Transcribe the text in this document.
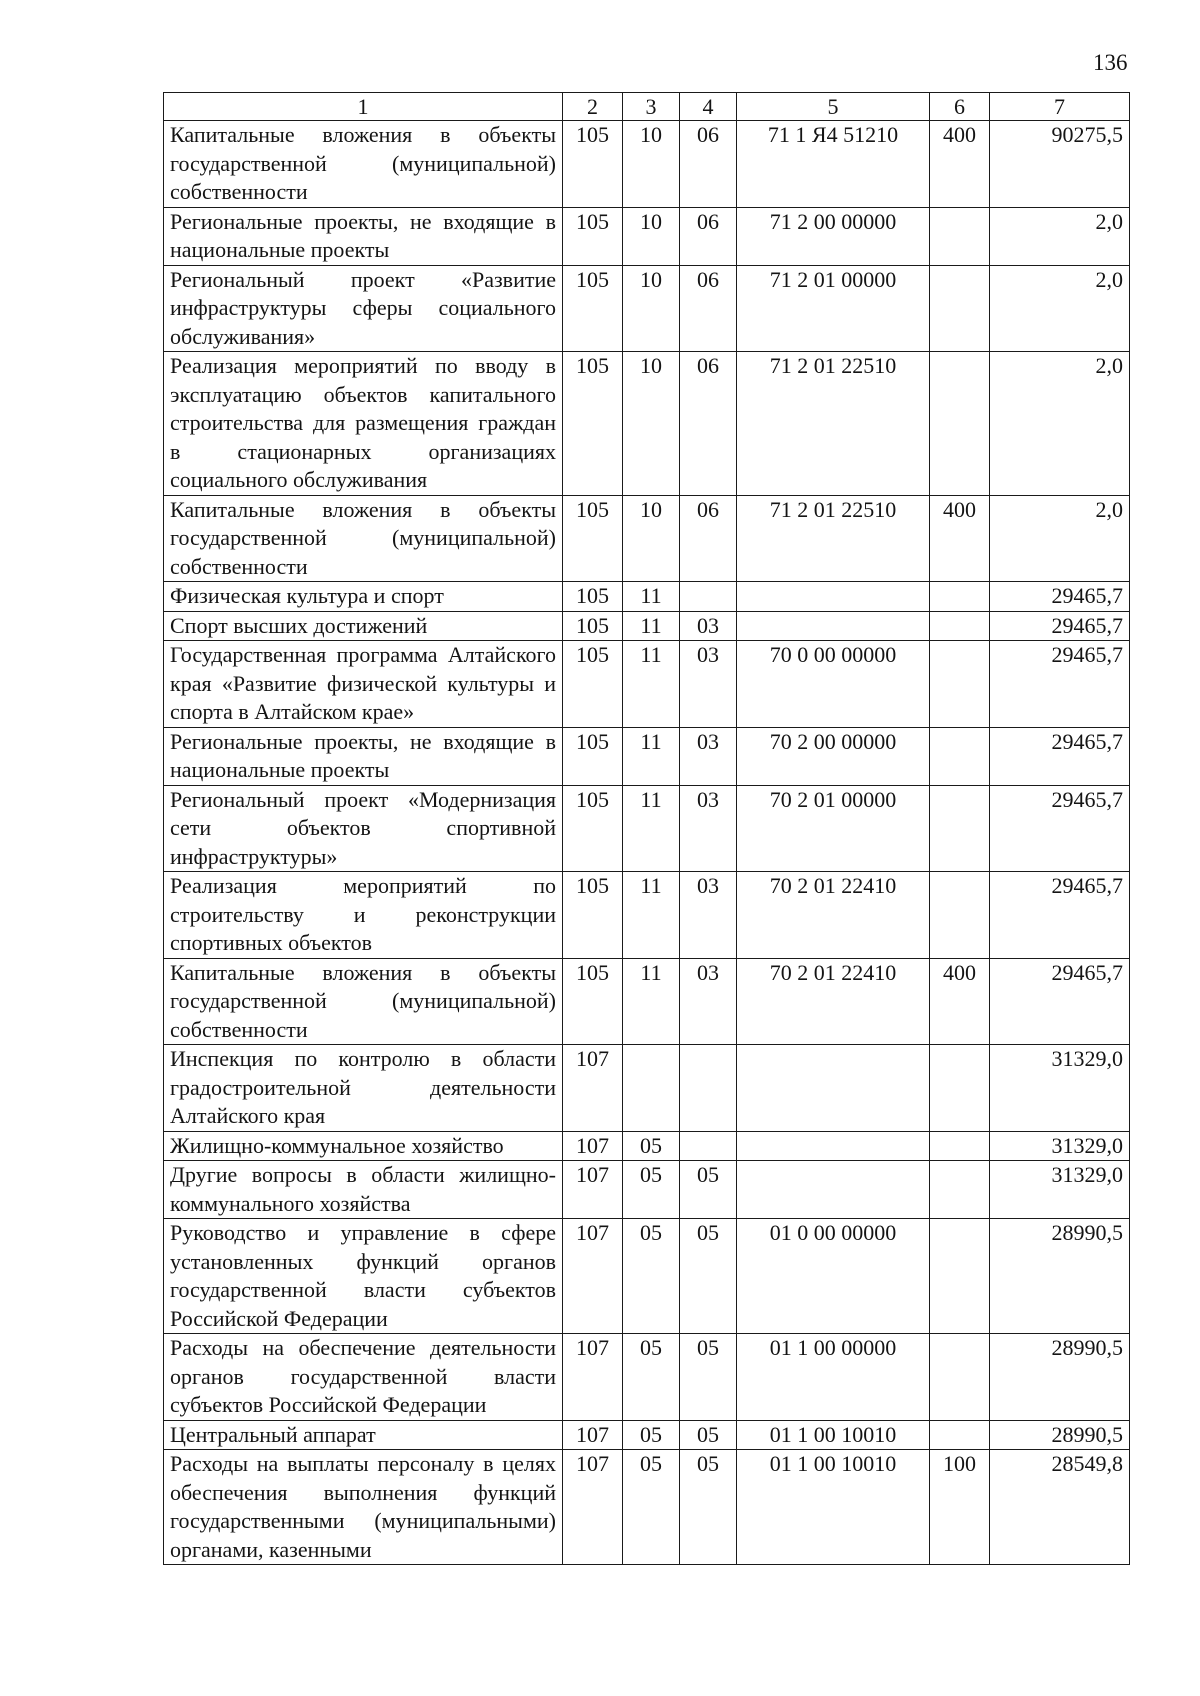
136
1	2	3	4	5	6	7
Капитальные вложения в объекты государственной (муниципальной) собственности	105	10	06	71 1 Я4 51210	400	90275,5
Региональные проекты, не входящие в национальные проекты	105	10	06	71 2 00 00000		2,0
Региональный проект «Развитие инфраструктуры сферы социального обслуживания»	105	10	06	71 2 01 00000		2,0
Реализация мероприятий по вводу в эксплуатацию объектов капитального строительства для размещения граждан в стационарных организациях социального обслуживания	105	10	06	71 2 01 22510		2,0
Капитальные вложения в объекты государственной (муниципальной) собственности	105	10	06	71 2 01 22510	400	2,0
Физическая культура и спорт	105	11				29465,7
Спорт высших достижений	105	11	03			29465,7
Государственная программа Алтайского края «Развитие физической культуры и спорта в Алтайском крае»	105	11	03	70 0 00 00000		29465,7
Региональные проекты, не входящие в национальные проекты	105	11	03	70 2 00 00000		29465,7
Региональный проект «Модернизация сети объектов спортивной инфраструктуры»	105	11	03	70 2 01 00000		29465,7
Реализация мероприятий по строительству и реконструкции спортивных объектов	105	11	03	70 2 01 22410		29465,7
Капитальные вложения в объекты государственной (муниципальной) собственности	105	11	03	70 2 01 22410	400	29465,7
Инспекция по контролю в области градостроительной деятельности Алтайского края	107					31329,0
Жилищно-коммунальное хозяйство	107	05				31329,0
Другие вопросы в области жилищно-коммунального хозяйства	107	05	05			31329,0
Руководство и управление в сфере установленных функций органов государственной власти субъектов Российской Федерации	107	05	05	01 0 00 00000		28990,5
Расходы на обеспечение деятельности органов государственной власти субъектов Российской Федерации	107	05	05	01 1 00 00000		28990,5
Центральный аппарат	107	05	05	01 1 00 10010		28990,5
Расходы на выплаты персоналу в целях обеспечения выполнения функций государственными (муниципальными) органами, казенными	107	05	05	01 1 00 10010	100	28549,8
